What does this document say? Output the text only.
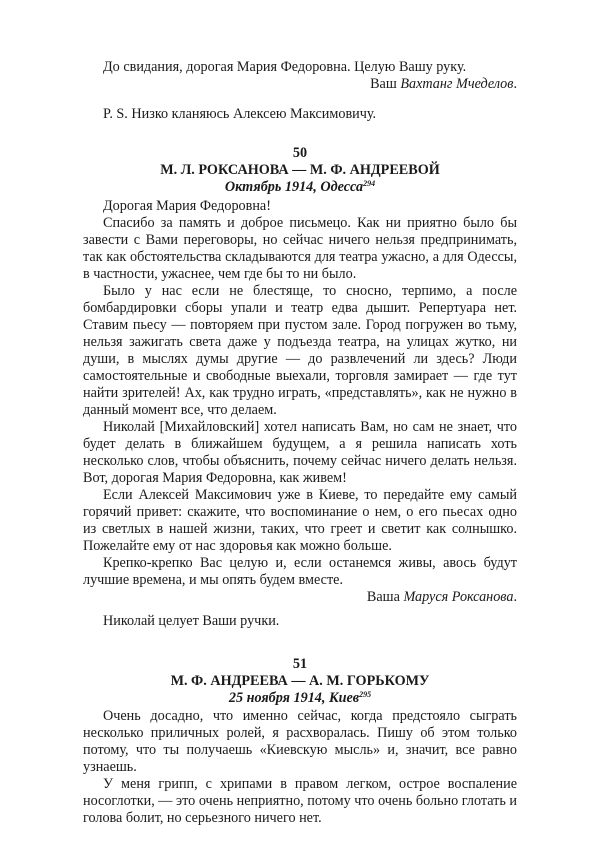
До свидания, дорогая Мария Федоровна. Целую Вашу руку.

Ваш Вахтанг Мчеделов.

P. S. Низко кланяюсь Алексею Максимовичу.

50

М. Л. РОКСАНОВА — М. Ф. АНДРЕЕВОЙ

Октябрь 1914, Одесса$^{294}$

Дорогая Мария Федоровна!

Спасибо за память и доброе письмецо. Как ни приятно было бы завести с Вами переговоры, но сейчас ничего нельзя предпринимать, так как обстоятельства складываются для театра ужасно, а для Одессы, в частности, ужаснее, чем где бы то ни было.

Было у нас если не блестяще, то сносно, терпимо, а после бомбардировки сборы упали и театр едва дышит. Репертуара нет. Ставим пьесу — повторяем при пустом зале. Город погружен во тьму, нельзя зажигать света даже у подъезда театра, на улицах жутко, ни души, в мыслях думы другие — до развлечений ли здесь? Люди самостоятельные и свободные выехали, торговля замирает — где тут найти зрителей! Ах, как трудно играть, «представлять», как не нужно в данный момент все, что делаем.

Николай [Михайловский] хотел написать Вам, но сам не знает, что будет делать в ближайшем будущем, а я решила написать хоть несколько слов, чтобы объяснить, почему сейчас ничего делать нельзя. Вот, дорогая Мария Федоровна, как живем!

Если Алексей Максимович уже в Киеве, то передайте ему самый горячий привет: скажите, что воспоминание о нем, о его пьесах одно из светлых в нашей жизни, таких, что греет и светит как солнышко. Пожелайте ему от нас здоровья как можно больше.

Крепко-крепко Вас целую и, если останемся живы, авось будут лучшие времена, и мы опять будем вместе.

Ваша Маруся Роксанова.

Николай целует Ваши ручки.

51

М. Ф. АНДРЕЕВА — А. М. ГОРЬКОМУ

25 ноября 1914, Киев$^{295}$

Очень досадно, что именно сейчас, когда предстояло сыграть несколько приличных ролей, я расхворалась. Пишу об этом только потому, что ты получаешь «Киевскую мысль» и, значит, все равно узнаешь.

У меня грипп, с хрипами в правом легком, острое воспаление носоглотки, — это очень неприятно, потому что очень больно глотать и голова болит, но серьезного ничего нет.
